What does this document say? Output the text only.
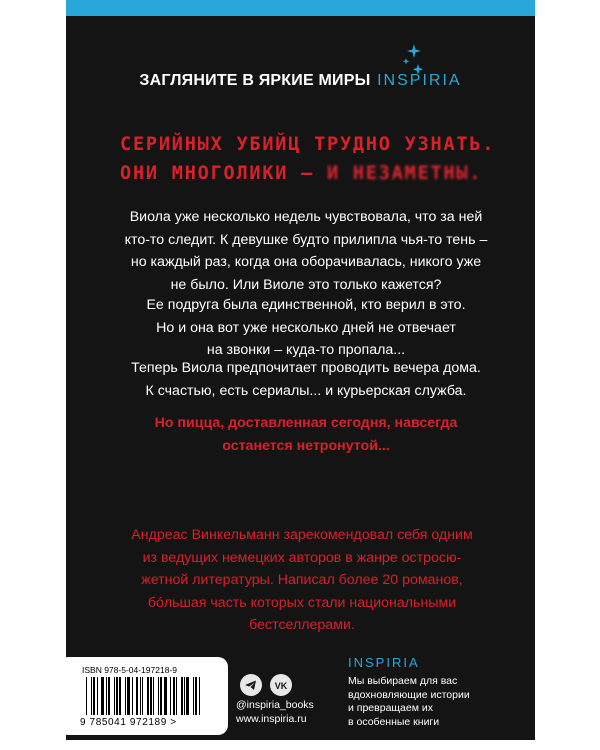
ЗАГЛЯНИТЕ В ЯРКИЕ МИРЫ INSPIRIA
СЕРИЙНЫХ УБИЙЦ ТРУДНО УЗНАТЬ.
ОНИ МНОГОЛИКИ – И НЕЗАМЕТНЫ.
Виола уже несколько недель чувствовала, что за ней
кто-то следит. К девушке будто прилипла чья-то тень –
но каждый раз, когда она оборачивалась, никого уже
не было. Или Виоле это только кажется?
Ее подруга была единственной, кто верил в это.
Но и она вот уже несколько дней не отвечает
на звонки – куда-то пропала...
Теперь Виола предпочитает проводить вечера дома.
К счастью, есть сериалы... и курьерская служба.
Но пицца, доставленная сегодня, навсегда
останется нетронутой...
Андреас Винкельманн зарекомендовал себя одним
из ведущих немецких авторов в жанре остросю-
жетной литературы. Написал более 20 романов,
бóльшая часть которых стали национальными
бестселлерами.
ISBN 978-5-04-197218-9
9 785041 972189 >

VK
@inspiria_books
www.inspiria.ru
INSPIRIA
Мы выбираем для вас
вдохновляющие истории
и превращаем их
в особенные книги
